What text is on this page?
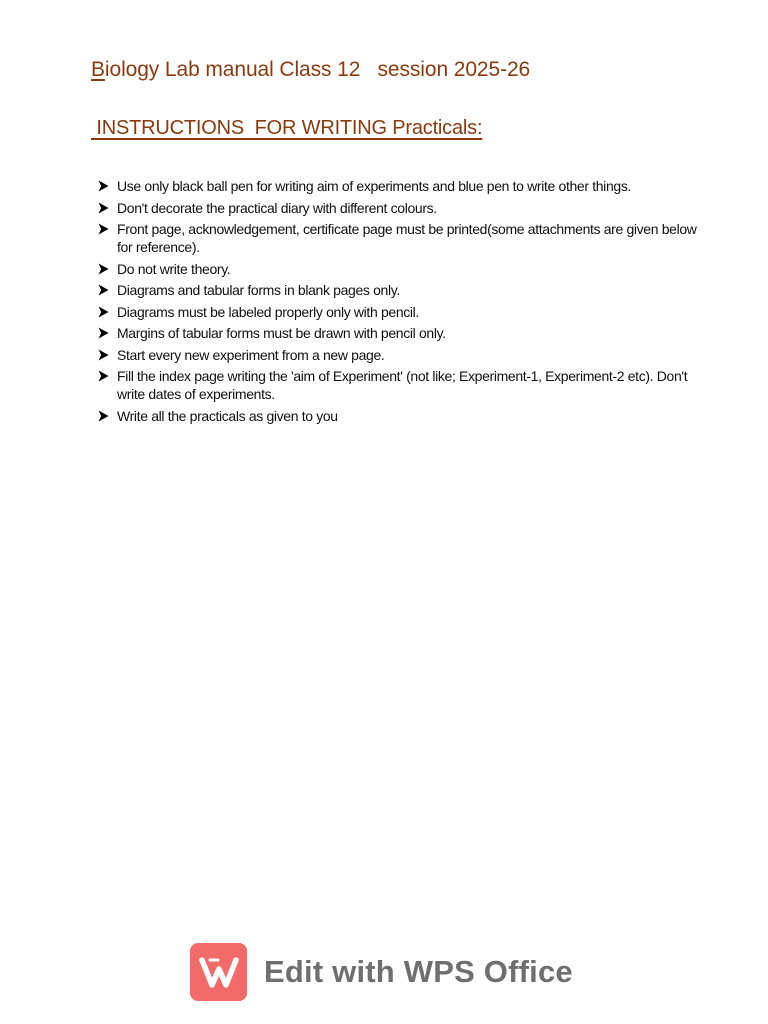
Biology Lab manual Class 12   session 2025-26
INSTRUCTIONS  FOR WRITING Practicals:
Use only black ball pen for writing aim of experiments and blue pen to write other things.
Don't decorate the practical diary with different colours.
Front page, acknowledgement, certificate page must be printed(some attachments are given below for reference).
Do not write theory.
Diagrams and tabular forms in blank pages only.
Diagrams must be labeled properly only with pencil.
Margins of tabular forms must be drawn with pencil only.
Start every new experiment from a new page.
Fill the index page writing the 'aim of Experiment' (not like; Experiment-1, Experiment-2 etc). Don't write dates of experiments.
Write all the practicals as given to you
Edit with WPS Office
